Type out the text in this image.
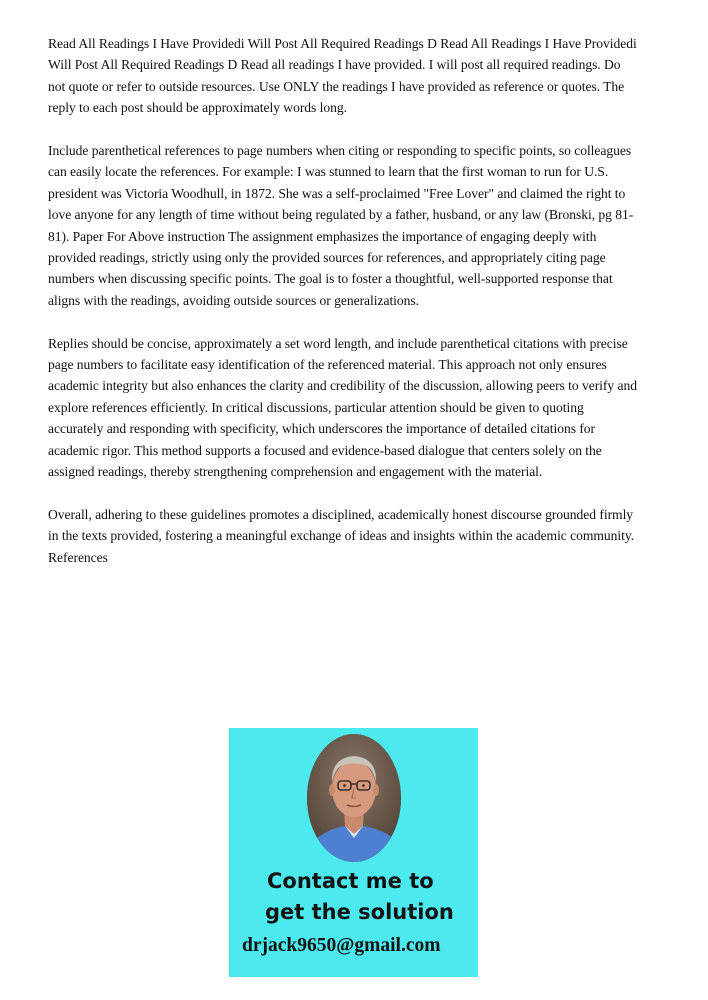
Read All Readings I Have Providedi Will Post All Required Readings D Read All Readings I Have Providedi Will Post All Required Readings D Read all readings I have provided. I will post all required readings. Do not quote or refer to outside resources. Use ONLY the readings I have provided as reference or quotes. The reply to each post should be approximately words long.

Include parenthetical references to page numbers when citing or responding to specific points, so colleagues can easily locate the references. For example: I was stunned to learn that the first woman to run for U.S. president was Victoria Woodhull, in 1872. She was a self-proclaimed "Free Lover" and claimed the right to love anyone for any length of time without being regulated by a father, husband, or any law (Bronski, pg 81-81). Paper For Above instruction The assignment emphasizes the importance of engaging deeply with provided readings, strictly using only the provided sources for references, and appropriately citing page numbers when discussing specific points. The goal is to foster a thoughtful, well-supported response that aligns with the readings, avoiding outside sources or generalizations.

Replies should be concise, approximately a set word length, and include parenthetical citations with precise page numbers to facilitate easy identification of the referenced material. This approach not only ensures academic integrity but also enhances the clarity and credibility of the discussion, allowing peers to verify and explore references efficiently. In critical discussions, particular attention should be given to quoting accurately and responding with specificity, which underscores the importance of detailed citations for academic rigor. This method supports a focused and evidence-based dialogue that centers solely on the assigned readings, thereby strengthening comprehension and engagement with the material.

Overall, adhering to these guidelines promotes a disciplined, academically honest discourse grounded firmly in the texts provided, fostering a meaningful exchange of ideas and insights within the academic community. References

Contact me to
get the solution
drjack9650@gmail.com
